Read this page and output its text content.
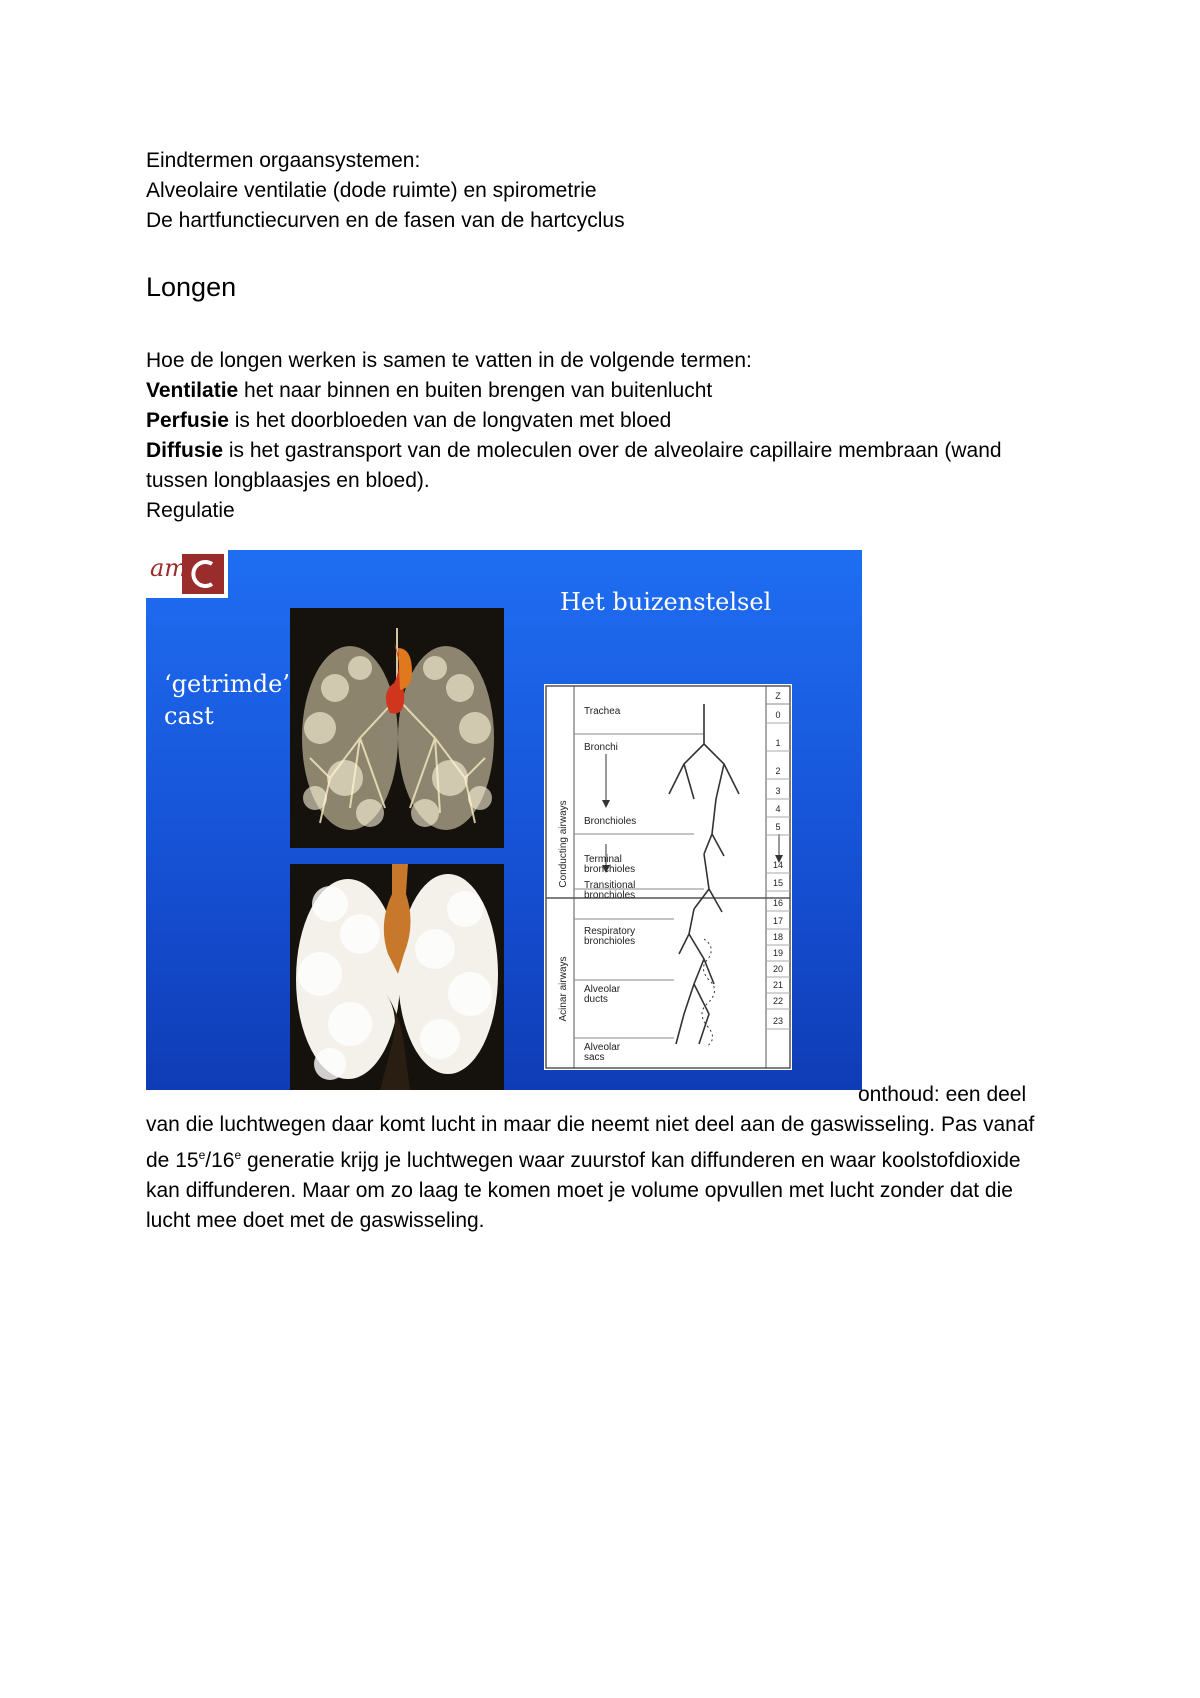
Eindtermen orgaansystemen:
Alveolaire ventilatie (dode ruimte) en spirometrie
De hartfunctiecurven en de fasen van de hartcyclus
Longen

Hoe de longen werken is samen te vatten in de volgende termen:

Ventilatie het naar binnen en buiten brengen van buitenlucht

Perfusie is het doorbloeden van de longvaten met bloed

Diffusie is het gastransport van de moleculen over de alveolaire capillaire membraan (wand tussen longblaasjes en bloed).

Regulatie

am
Het buizenstelsel
‘getrimde’
cast
Conducting airways
Acinar airways
Z
Trachea
Bronchi
Bronchioles
Terminal bronchioles
Transitional bronchioles
Respiratory bronchioles
Alveolar ducts
Alveolar sacs
0
1
2
3
4
5
14
15
16
17
18
19
20
21
22
23

onthoud: een deel van die luchtwegen daar komt lucht in maar die neemt niet deel aan de gaswisseling. Pas vanaf de 15e/16e generatie krijg je luchtwegen waar zuurstof kan diffunderen en waar koolstofdioxide kan diffunderen. Maar om zo laag te komen moet je volume opvullen met lucht zonder dat die lucht mee doet met de gaswisseling.
